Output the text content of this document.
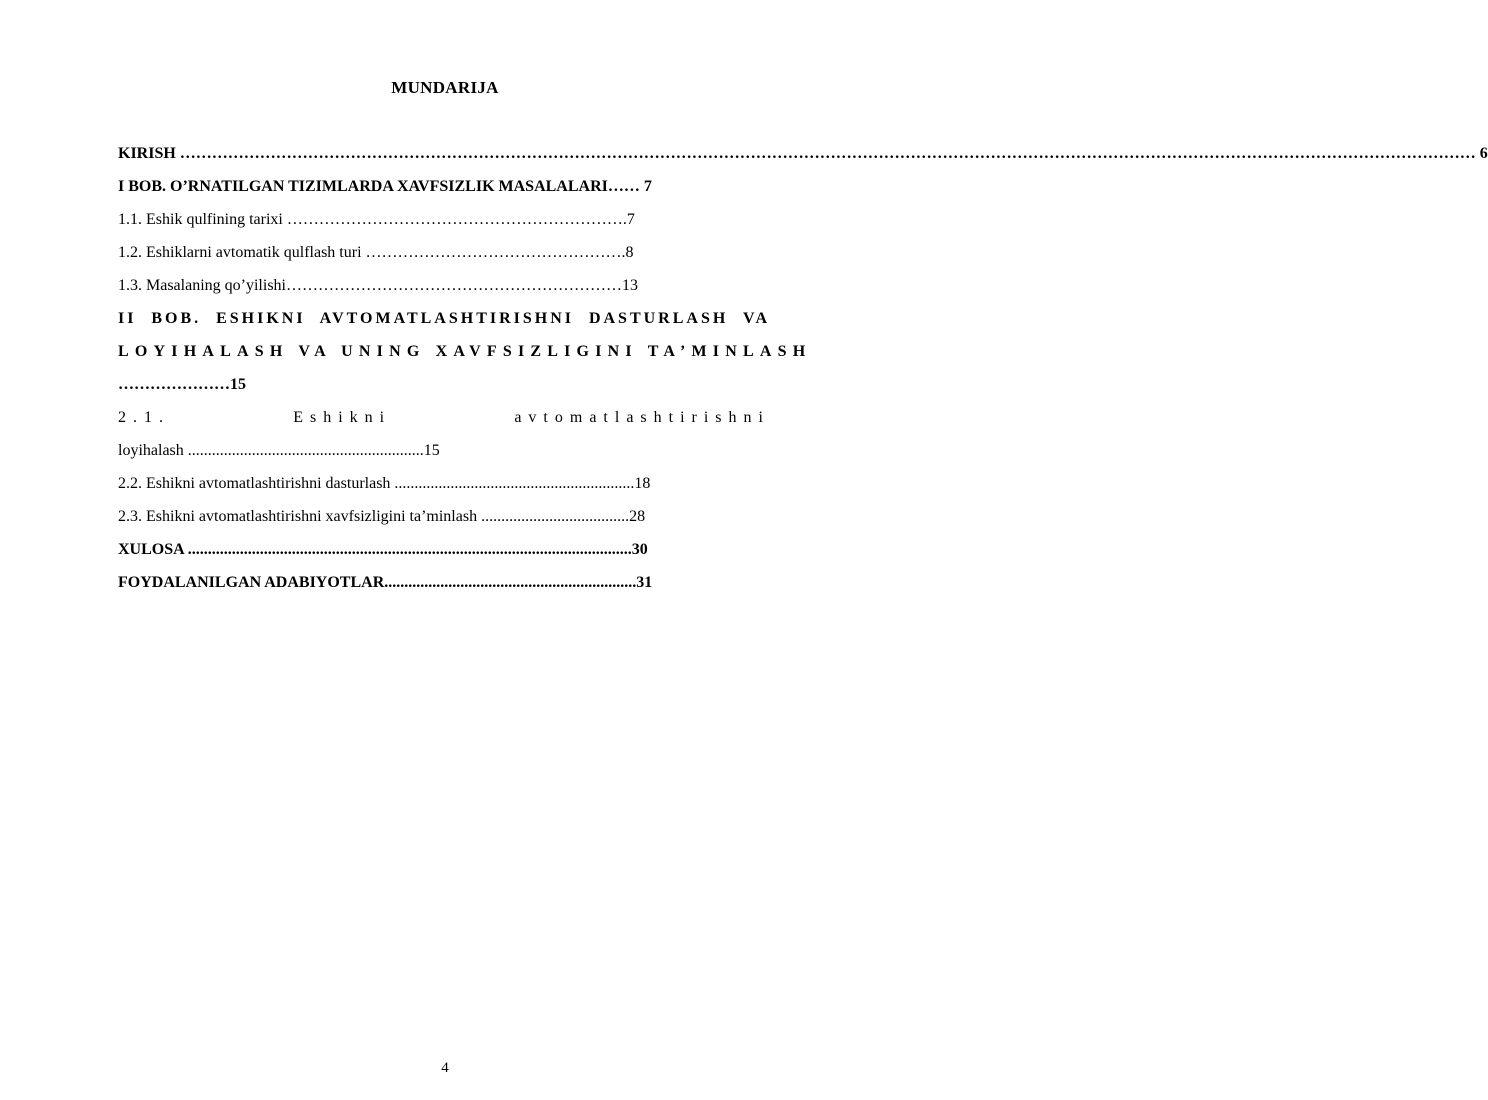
MUNDARIJA
KIRISH ……………………………………………………………………………………………………………………………………………………………………………………………………………………… 6
I BOB. O’RNATILGAN TIZIMLARDA XAVFSIZLIK MASALALARI…… 7
1.1. Eshik qulfining tarixi ……………………………………………………….7
1.2. Eshiklarni avtomatik qulflash turi ………………………………………….8
1.3. Masalaning qo’yilishi………………………………………………………13
II BOB. ESHIKNI AVTOMATLASHTIRISHNI DASTURLASH VA
LOYIHALASH VA UNING XAVFSIZLIGINI TA’MINLASH
…………………15
2.1.	Eshikni	avtomatlashtirishni
loyihalash ...........................................................15
2.2. Eshikni avtomatlashtirishni dasturlash ............................................................18
2.3. Eshikni avtomatlashtirishni xavfsizligini ta’minlash .....................................28
XULOSA ...............................................................................................................30
FOYDALANILGAN ADABIYOTLAR...............................................................31
4
